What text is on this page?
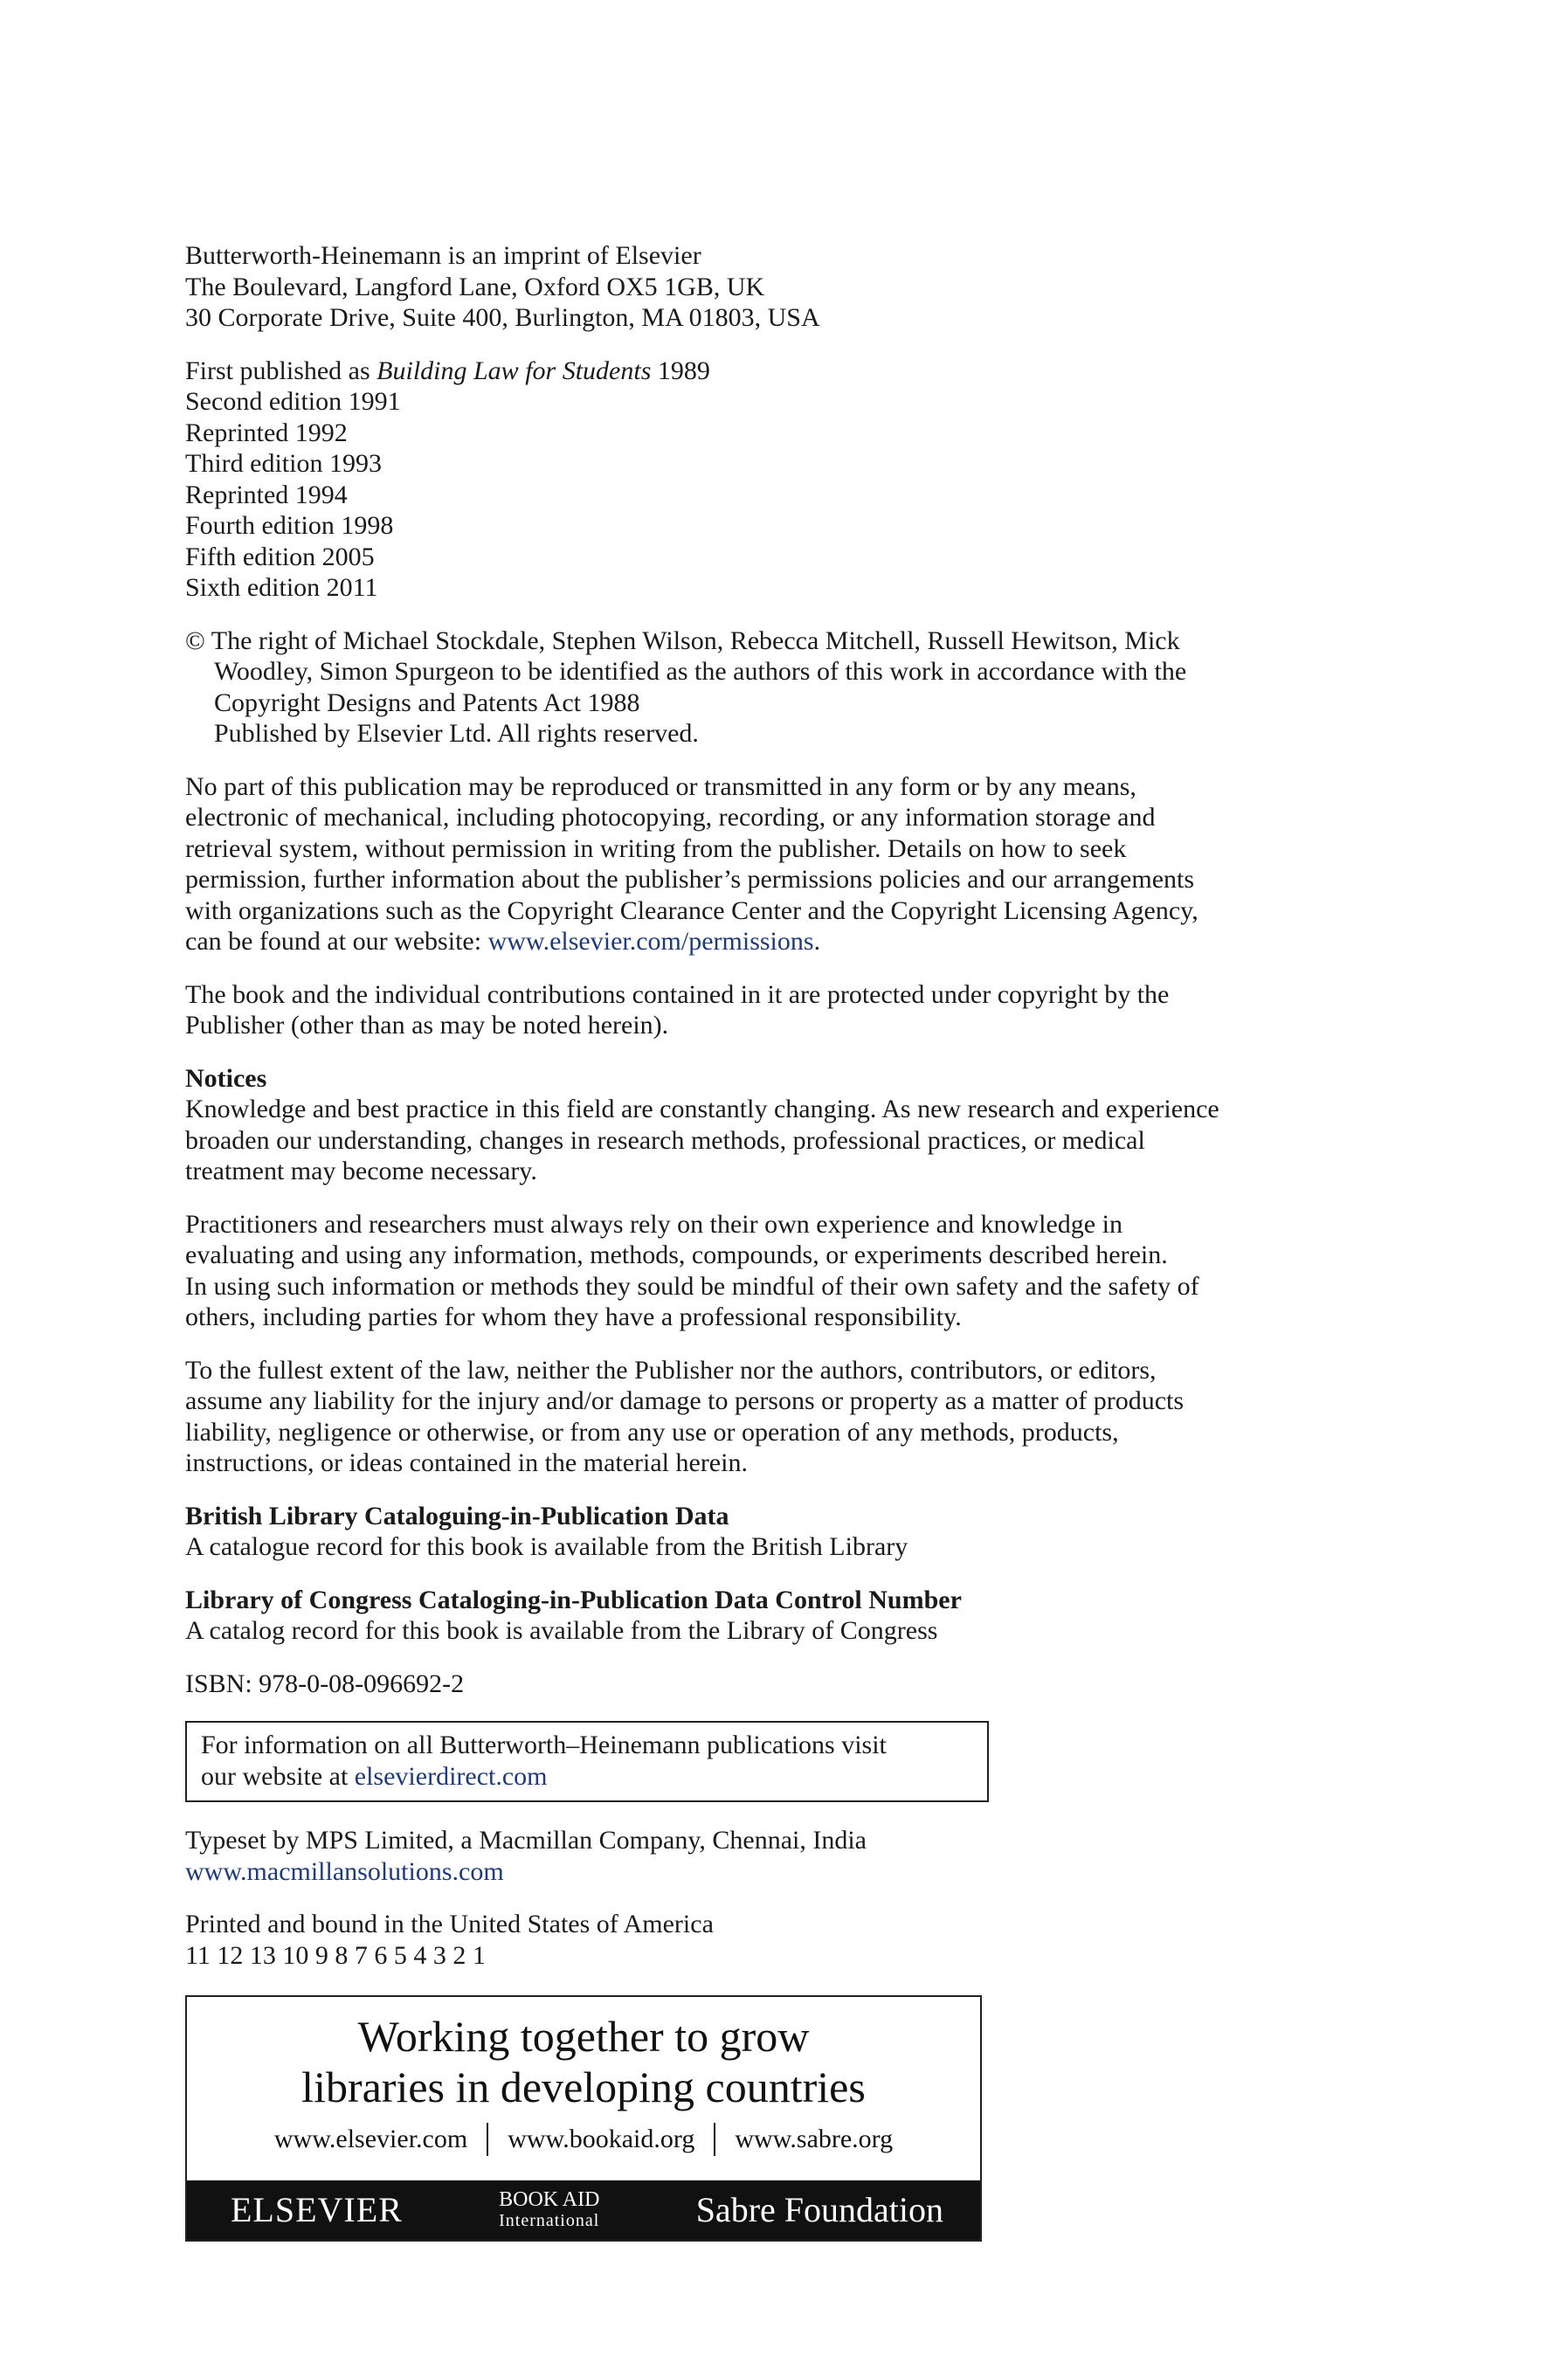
Butterworth-Heinemann is an imprint of Elsevier
The Boulevard, Langford Lane, Oxford OX5 1GB, UK
30 Corporate Drive, Suite 400, Burlington, MA 01803, USA
First published as Building Law for Students 1989
Second edition 1991
Reprinted 1992
Third edition 1993
Reprinted 1994
Fourth edition 1998
Fifth edition 2005
Sixth edition 2011
© The right of Michael Stockdale, Stephen Wilson, Rebecca Mitchell, Russell Hewitson, Mick
Woodley, Simon Spurgeon to be identified as the authors of this work in accordance with the
Copyright Designs and Patents Act 1988
Published by Elsevier Ltd. All rights reserved.
No part of this publication may be reproduced or transmitted in any form or by any means,
electronic of mechanical, including photocopying, recording, or any information storage and
retrieval system, without permission in writing from the publisher. Details on how to seek
permission, further information about the publisher’s permissions policies and our arrangements
with organizations such as the Copyright Clearance Center and the Copyright Licensing Agency,
can be found at our website: www.elsevier.com/permissions.
The book and the individual contributions contained in it are protected under copyright by the
Publisher (other than as may be noted herein).
Notices
Knowledge and best practice in this field are constantly changing. As new research and experience
broaden our understanding, changes in research methods, professional practices, or medical
treatment may become necessary.
Practitioners and researchers must always rely on their own experience and knowledge in
evaluating and using any information, methods, compounds, or experiments described herein.
In using such information or methods they sould be mindful of their own safety and the safety of
others, including parties for whom they have a professional responsibility.
To the fullest extent of the law, neither the Publisher nor the authors, contributors, or editors,
assume any liability for the injury and/or damage to persons or property as a matter of products
liability, negligence or otherwise, or from any use or operation of any methods, products,
instructions, or ideas contained in the material herein.
British Library Cataloguing-in-Publication Data
A catalogue record for this book is available from the British Library
Library of Congress Cataloging-in-Publication Data Control Number
A catalog record for this book is available from the Library of Congress
ISBN: 978-0-08-096692-2
For information on all Butterworth–Heinemann publications visit
our website at elsevierdirect.com
Typeset by MPS Limited, a Macmillan Company, Chennai, India
www.macmillansolutions.com
Printed and bound in the United States of America
11 12 13 10 9 8 7 6 5 4 3 2 1
Working together to grow
libraries in developing countries
www.elsevier.com www.bookaid.org www.sabre.org
ELSEVIER	BOOK AID
International	Sabre Foundation
